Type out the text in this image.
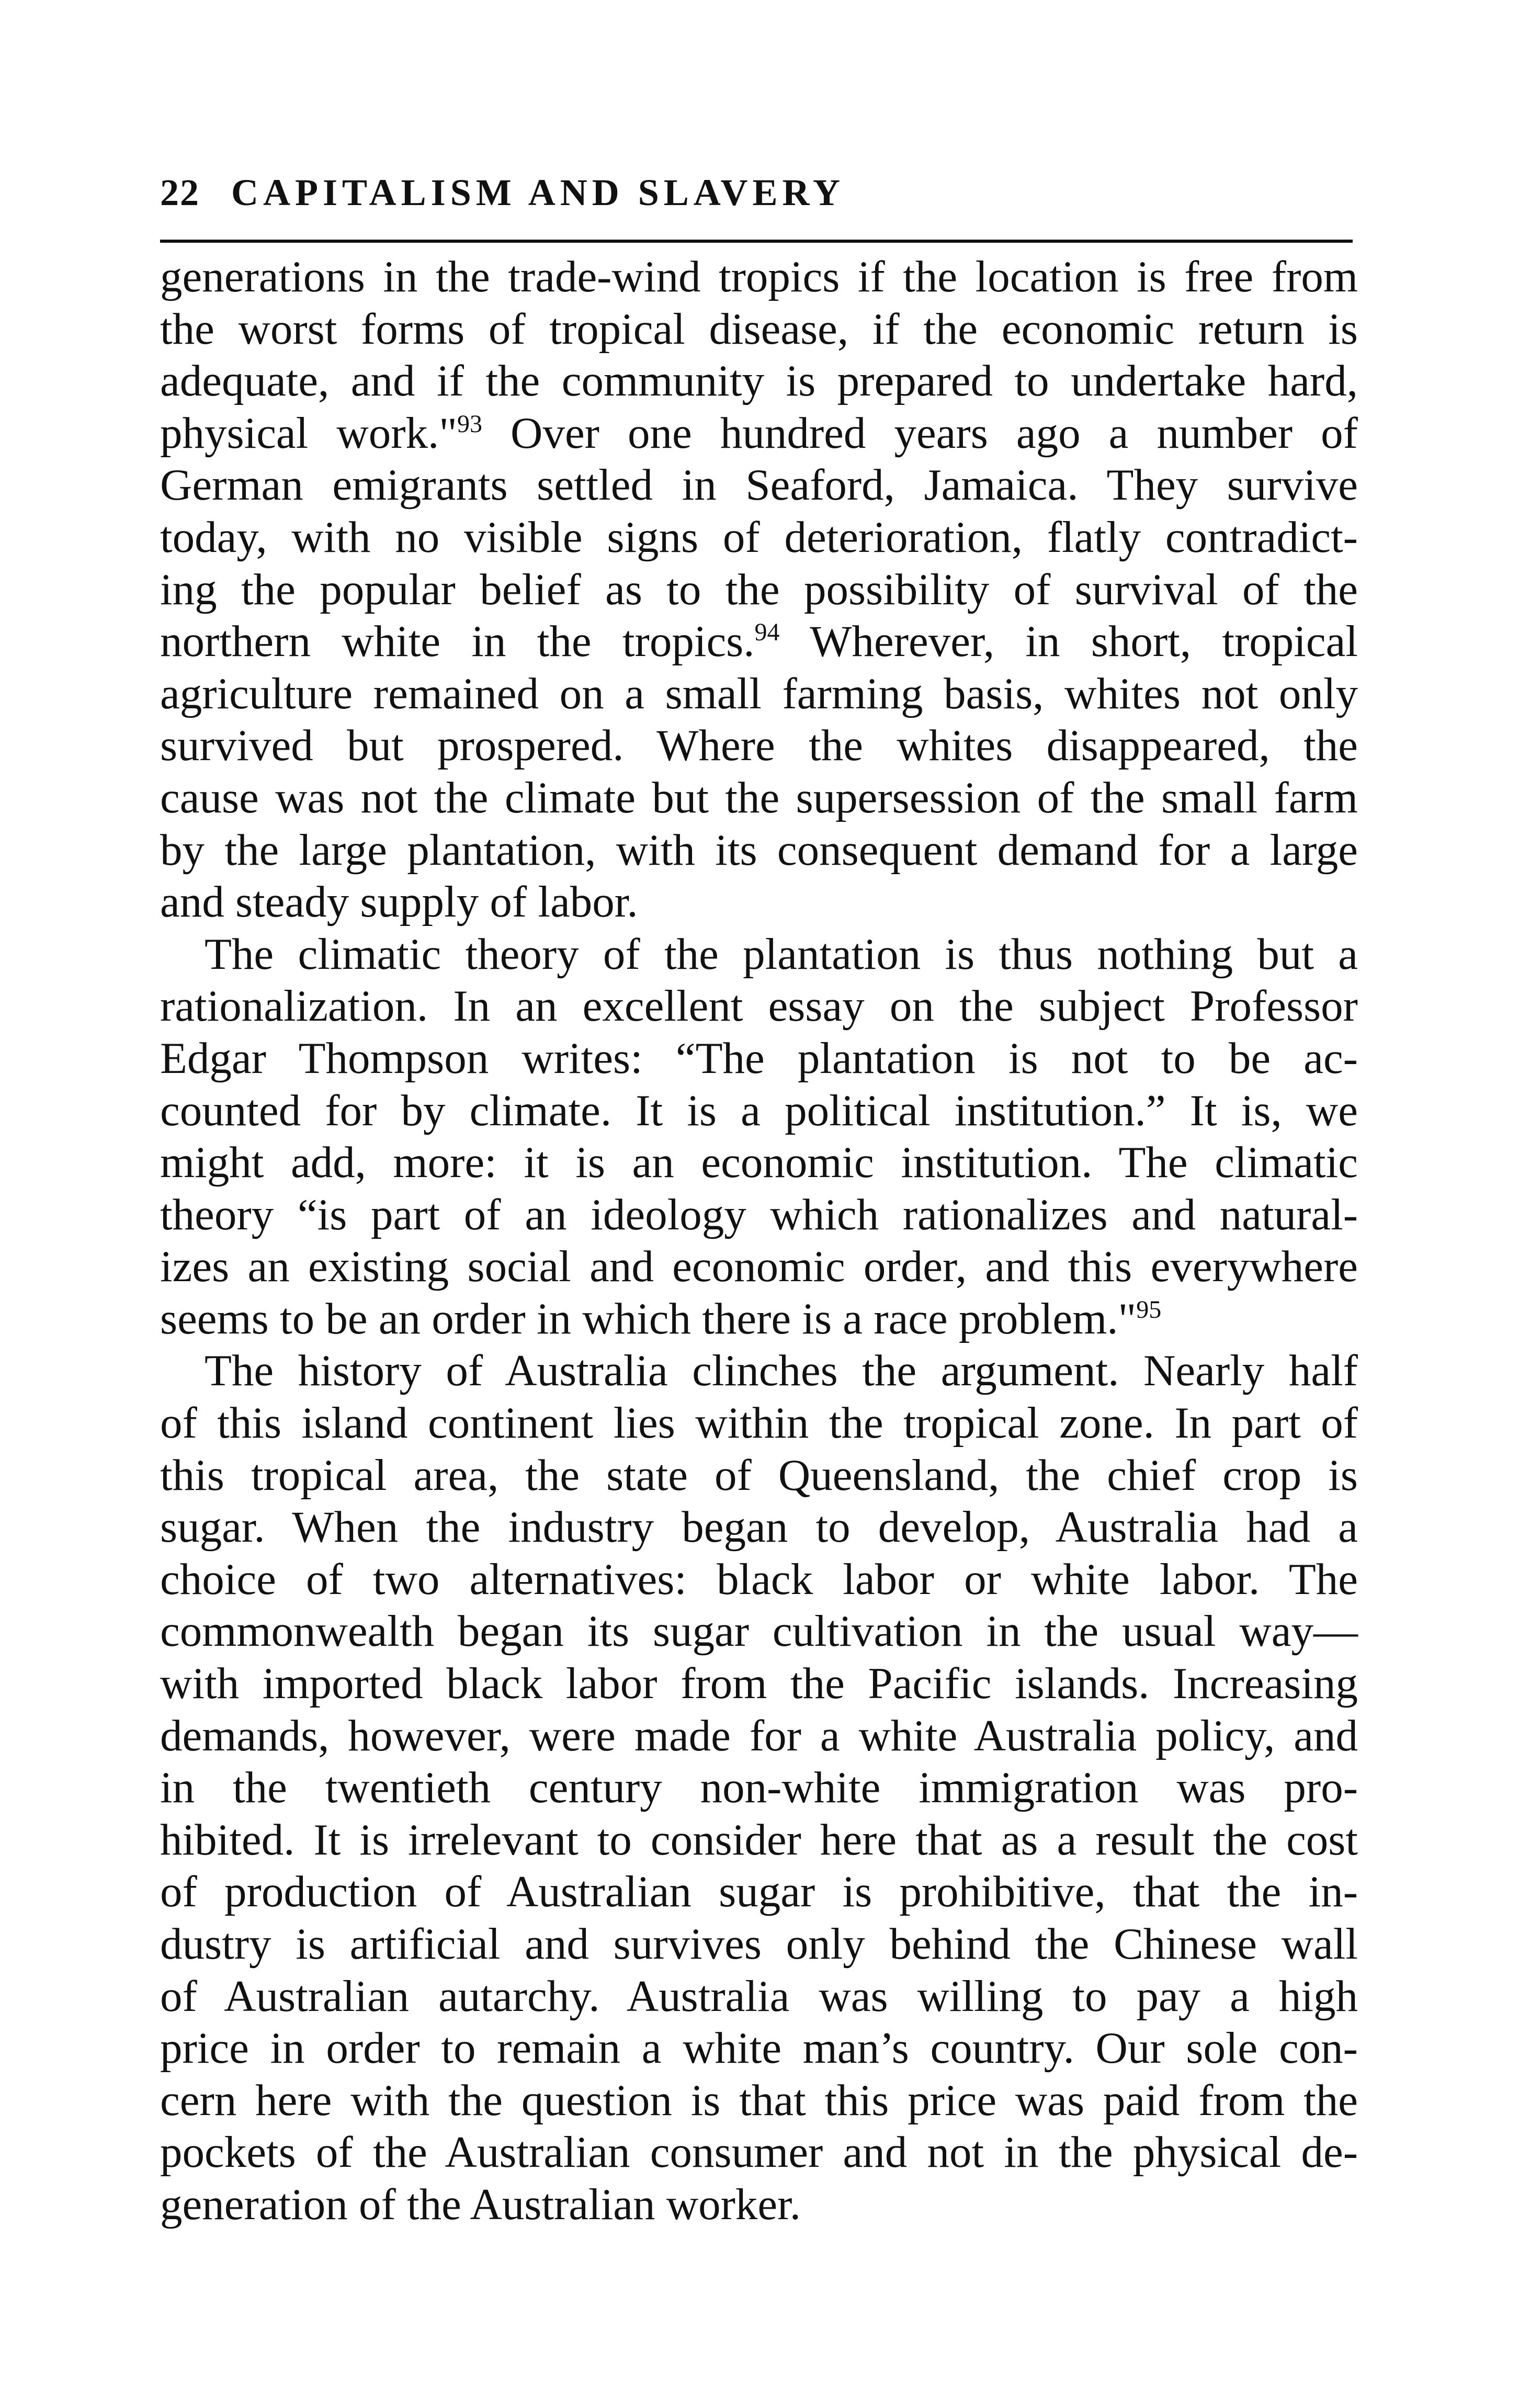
22 CAPITALISM AND SLAVERY
generations in the trade-wind tropics if the location is free from
the worst forms of tropical disease, if the economic return is
adequate, and if the community is prepared to undertake hard,
physical work."$^{93}$ Over one hundred years ago a number of
German emigrants settled in Seaford, Jamaica. They survive
today, with no visible signs of deterioration, flatly contradict-
ing the popular belief as to the possibility of survival of the
northern white in the tropics.$^{94}$ Wherever, in short, tropical
agriculture remained on a small farming basis, whites not only
survived but prospered. Where the whites disappeared, the
cause was not the climate but the supersession of the small farm
by the large plantation, with its consequent demand for a large
and steady supply of labor.
The climatic theory of the plantation is thus nothing but a
rationalization. In an excellent essay on the subject Professor
Edgar Thompson writes: “The plantation is not to be ac-
counted for by climate. It is a political institution.” It is, we
might add, more: it is an economic institution. The climatic
theory “is part of an ideology which rationalizes and natural-
izes an existing social and economic order, and this everywhere
seems to be an order in which there is a race problem."$^{95}$
The history of Australia clinches the argument. Nearly half
of this island continent lies within the tropical zone. In part of
this tropical area, the state of Queensland, the chief crop is
sugar. When the industry began to develop, Australia had a
choice of two alternatives: black labor or white labor. The
commonwealth began its sugar cultivation in the usual way—
with imported black labor from the Pacific islands. Increasing
demands, however, were made for a white Australia policy, and
in the twentieth century non-white immigration was pro-
hibited. It is irrelevant to consider here that as a result the cost
of production of Australian sugar is prohibitive, that the in-
dustry is artificial and survives only behind the Chinese wall
of Australian autarchy. Australia was willing to pay a high
price in order to remain a white man’s country. Our sole con-
cern here with the question is that this price was paid from the
pockets of the Australian consumer and not in the physical de-
generation of the Australian worker.
